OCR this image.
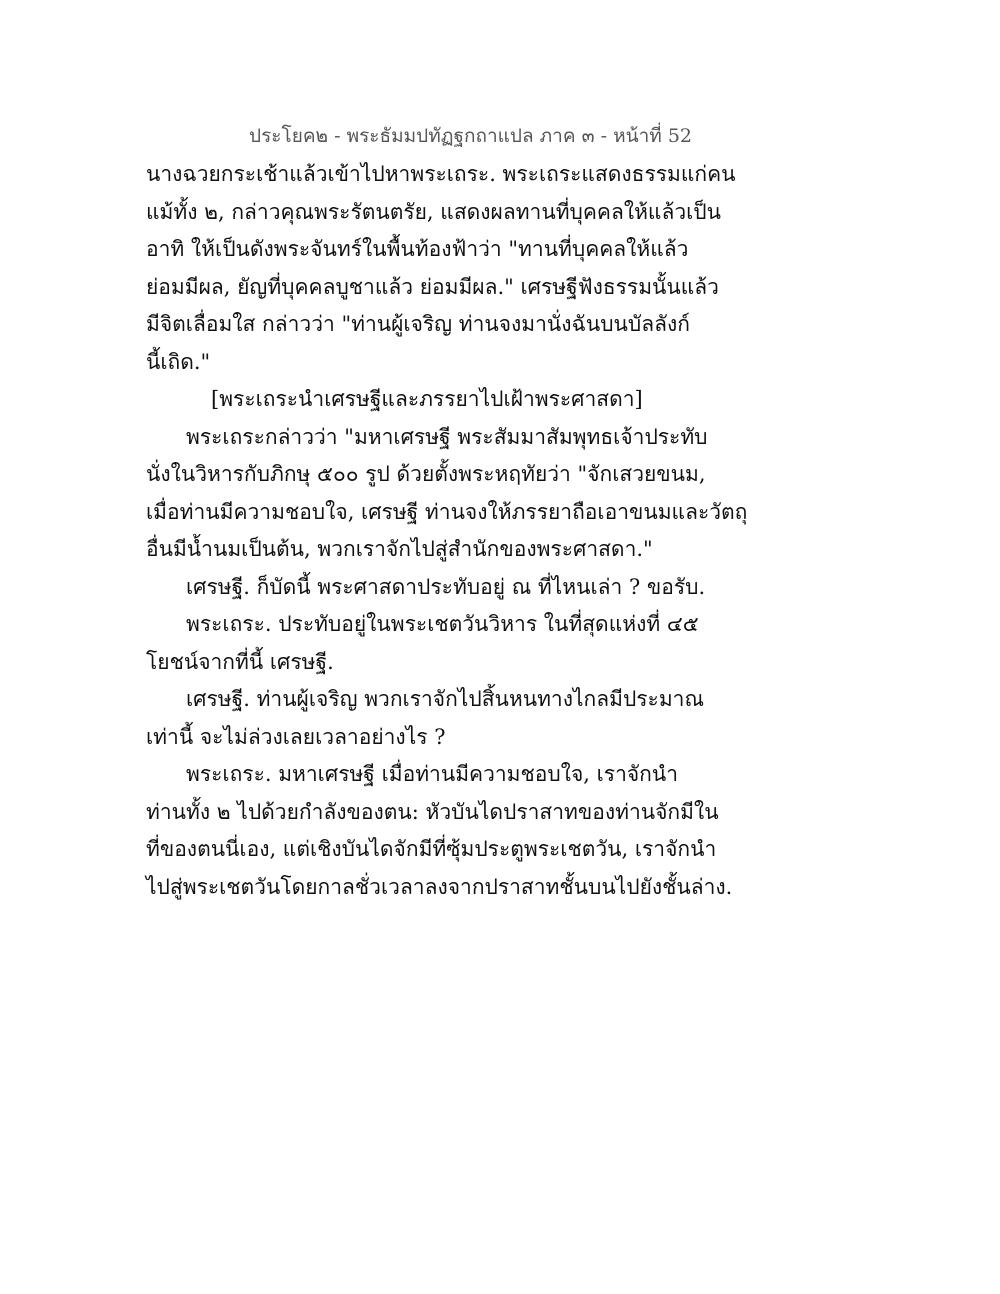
ประโยค๒ - พระธัมมปทัฏฐกถาแปล ภาค ๓ - หน้าที่ 52
นางฉวยกระเช้าแล้วเข้าไปหาพระเถระ. พระเถระแสดงธรรมแก่คน
แม้ทั้ง ๒, กล่าวคุณพระรัตนตรัย, แสดงผลทานที่บุคคลให้แล้วเป็น
อาทิ ให้เป็นดังพระจันทร์ในพื้นท้องฟ้าว่า "ทานที่บุคคลให้แล้ว
ย่อมมีผล, ยัญที่บุคคลบูชาแล้ว ย่อมมีผล." เศรษฐีฟังธรรมนั้นแล้ว
มีจิตเลื่อมใส กล่าวว่า "ท่านผู้เจริญ ท่านจงมานั่งฉันบนบัลลังก์
นี้เถิด."
[พระเถระนำเศรษฐีและภรรยาไปเฝ้าพระศาสดา]
พระเถระกล่าวว่า "มหาเศรษฐี พระสัมมาสัมพุทธเจ้าประทับ
นั่งในวิหารกับภิกษุ ๕๐๐ รูป ด้วยตั้งพระหฤทัยว่า "จักเสวยขนม,
เมื่อท่านมีความชอบใจ, เศรษฐี ท่านจงให้ภรรยาถือเอาขนมและวัตถุ
อื่นมีน้ำนมเป็นต้น, พวกเราจักไปสู่สำนักของพระศาสดา."
เศรษฐี. ก็บัดนี้ พระศาสดาประทับอยู่ ณ ที่ไหนเล่า ? ขอรับ.
พระเถระ. ประทับอยู่ในพระเชตวันวิหาร ในที่สุดแห่งที่ ๔๕
โยชน์จากที่นี้ เศรษฐี.
เศรษฐี. ท่านผู้เจริญ พวกเราจักไปสิ้นหนทางไกลมีประมาณ
เท่านี้ จะไม่ล่วงเลยเวลาอย่างไร ?
พระเถระ. มหาเศรษฐี เมื่อท่านมีความชอบใจ, เราจักนำ
ท่านทั้ง ๒ ไปด้วยกำลังของตน: หัวบันไดปราสาทของท่านจักมีใน
ที่ของตนนี่เอง, แต่เชิงบันไดจักมีที่ซุ้มประตูพระเชตวัน, เราจักนำ
ไปสู่พระเชตวันโดยกาลชั่วเวลาลงจากปราสาทชั้นบนไปยังชั้นล่าง.
